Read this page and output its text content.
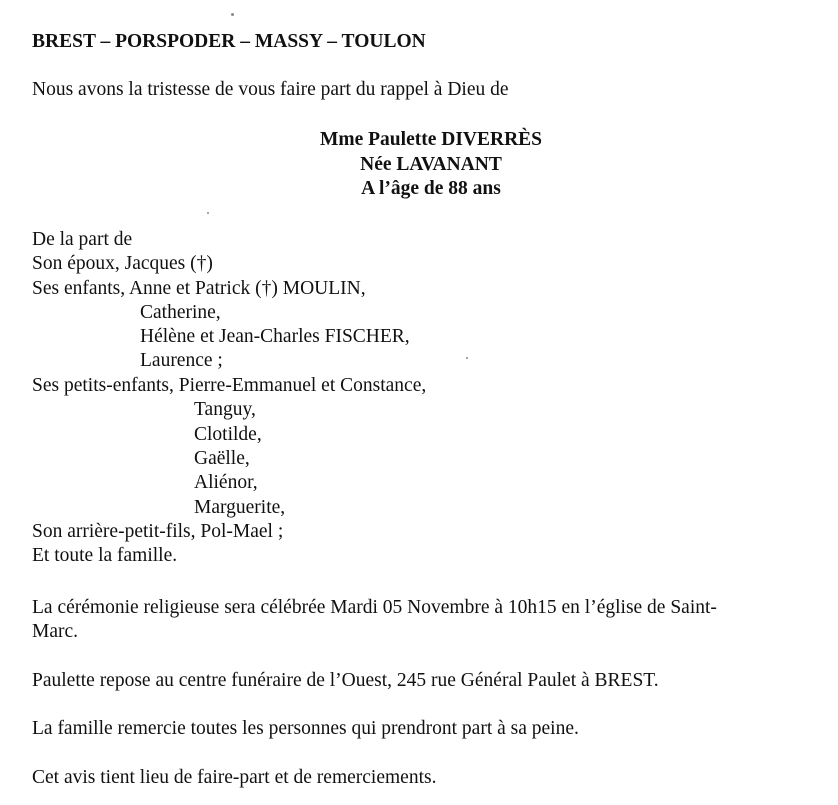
BREST – PORSPODER – MASSY – TOULON
Nous avons la tristesse de vous faire part du rappel à Dieu de
Mme Paulette DIVERRÈS
Née LAVANANT
A l’âge de 88 ans
De la part de
Son époux, Jacques (†)
Ses enfants, Anne et Patrick (†) MOULIN,
Catherine,
Hélène et Jean-Charles FISCHER,
Laurence ;
Ses petits-enfants, Pierre-Emmanuel et Constance,
Tanguy,
Clotilde,
Gaëlle,
Aliénor,
Marguerite,
Son arrière-petit-fils, Pol-Mael ;
Et toute la famille.
La cérémonie religieuse sera célébrée Mardi 05 Novembre à 10h15 en l’église de Saint-
Marc.
Paulette repose au centre funéraire de l’Ouest, 245 rue Général Paulet à BREST.
La famille remercie toutes les personnes qui prendront part à sa peine.
Cet avis tient lieu de faire-part et de remerciements.
